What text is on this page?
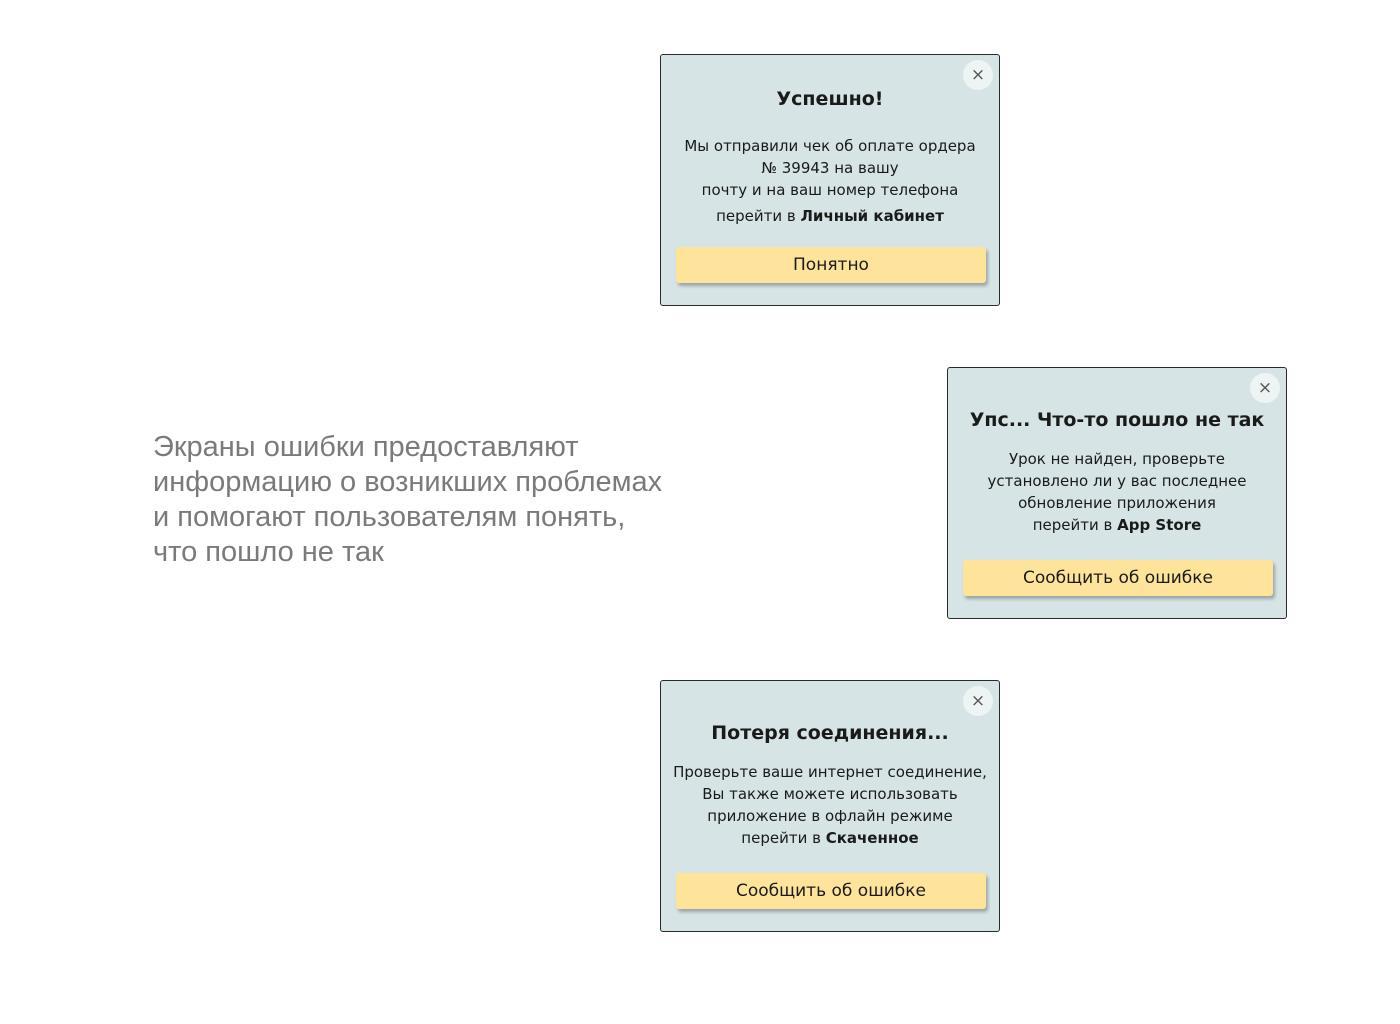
Экраны ошибки предоставляют
информацию о возникших проблемах
и помогают пользователям понять,
что пошло не так

×
Успешно!
Мы отправили чек об оплате ордера
№ 39943 на вашу
почту и на ваш номер телефона
перейти в Личный кабинет
Понятно
×
Упс... Что-то пошло не так
Урок не найден, проверьте
установлено ли у вас последнее
обновление приложения
перейти в App Store
Сообщить об ошибке
×
Потеря соединения...
Проверьте ваше интернет соединение,
Вы также можете использовать
приложение в офлайн режиме
перейти в Скаченное
Сообщить об ошибке
